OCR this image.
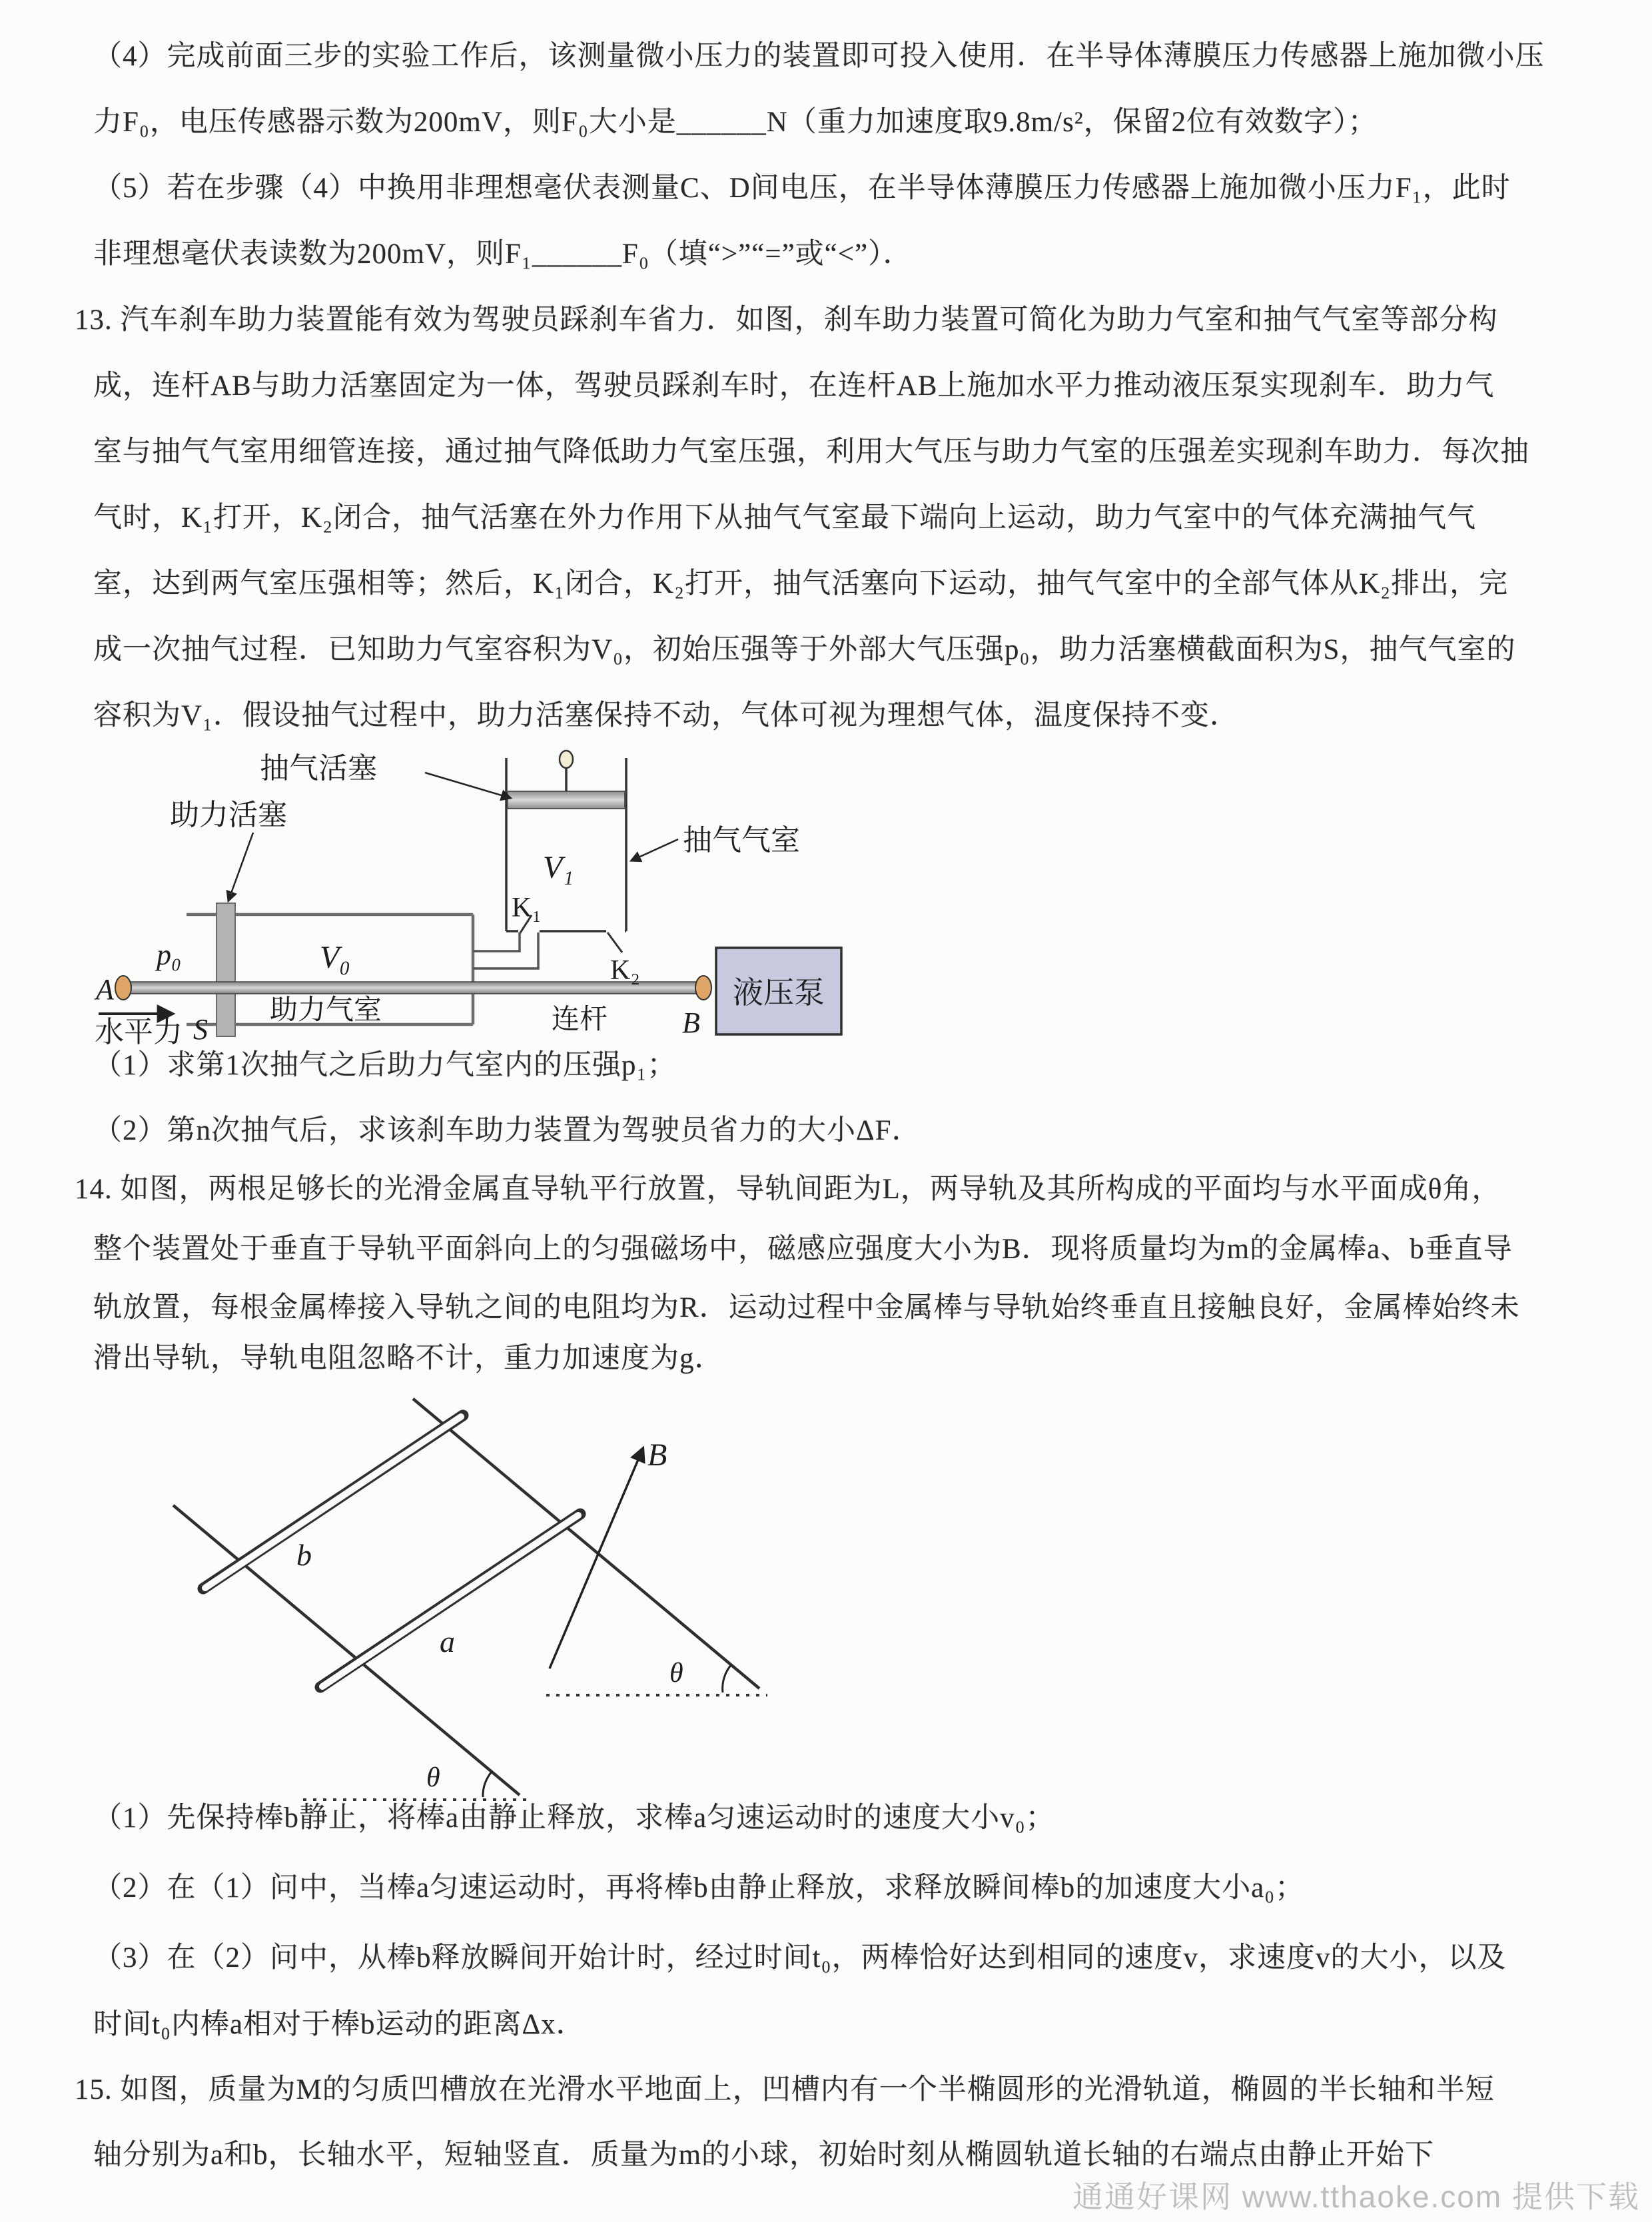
（4）完成前面三步的实验工作后，该测量微小压力的装置即可投入使用．在半导体薄膜压力传感器上施加微小压
力F₀，电压传感器示数为200mV，则F₀大小是______N（重力加速度取9.8m/s²，保留2位有效数字）；
（5）若在步骤（4）中换用非理想毫伏表测量C、D间电压，在半导体薄膜压力传感器上施加微小压力F₁，此时
非理想毫伏表读数为200mV，则F₁______F₀（填“>”“=”或“<”）．
13. 汽车刹车助力装置能有效为驾驶员踩刹车省力．如图，刹车助力装置可简化为助力气室和抽气气室等部分构
成，连杆AB与助力活塞固定为一体，驾驶员踩刹车时，在连杆AB上施加水平力推动液压泵实现刹车．助力气
室与抽气气室用细管连接，通过抽气降低助力气室压强，利用大气压与助力气室的压强差实现刹车助力．每次抽
气时，K₁打开，K₂闭合，抽气活塞在外力作用下从抽气气室最下端向上运动，助力气室中的气体充满抽气气
室，达到两气室压强相等；然后，K₁闭合，K₂打开，抽气活塞向下运动，抽气气室中的全部气体从K₂排出，完
成一次抽气过程．已知助力气室容积为V₀，初始压强等于外部大气压强p₀，助力活塞横截面积为S，抽气气室的
容积为V₁．假设抽气过程中，助力活塞保持不动，气体可视为理想气体，温度保持不变．
液压泵
抽气活塞
抽气气室
助力活塞
助力气室	连杆
V₁
V₀
K₁
K₂
p₀
A
B
S
水平力
（1）求第1次抽气之后助力气室内的压强p₁；
（2）第n次抽气后，求该刹车助力装置为驾驶员省力的大小ΔF．
14. 如图，两根足够长的光滑金属直导轨平行放置，导轨间距为L，两导轨及其所构成的平面均与水平面成θ角，
整个装置处于垂直于导轨平面斜向上的匀强磁场中，磁感应强度大小为B．现将质量均为m的金属棒a、b垂直导
轨放置，每根金属棒接入导轨之间的电阻均为R．运动过程中金属棒与导轨始终垂直且接触良好，金属棒始终未
滑出导轨，导轨电阻忽略不计，重力加速度为g．
b
a
B
θ
θ
（1）先保持棒b静止，将棒a由静止释放，求棒a匀速运动时的速度大小v₀；
（2）在（1）问中，当棒a匀速运动时，再将棒b由静止释放，求释放瞬间棒b的加速度大小a₀；
（3）在（2）问中，从棒b释放瞬间开始计时，经过时间t₀，两棒恰好达到相同的速度v，求速度v的大小，以及
时间t₀内棒a相对于棒b运动的距离Δx．
15. 如图，质量为M的匀质凹槽放在光滑水平地面上，凹槽内有一个半椭圆形的光滑轨道，椭圆的半长轴和半短
轴分别为a和b，长轴水平，短轴竖直．质量为m的小球，初始时刻从椭圆轨道长轴的右端点由静止开始下
通通好课网 www.tthaoke.com 提供下载
